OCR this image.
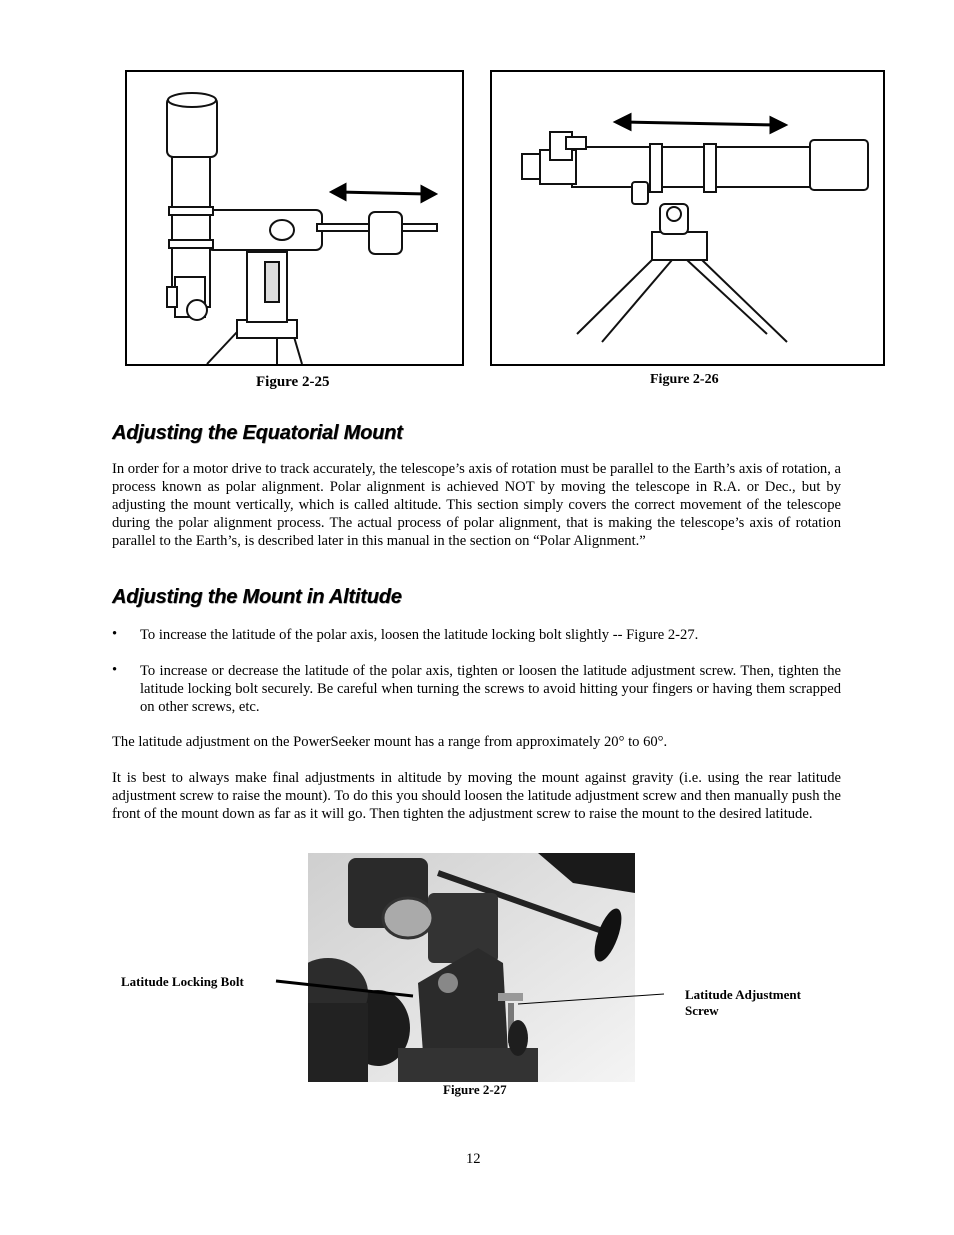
Figure 2-25	Figure 2-26
Adjusting the Equatorial Mount
In order for a motor drive to track accurately, the telescope’s axis of rotation must be parallel to the Earth’s axis of rotation, a process known as polar alignment. Polar alignment is achieved NOT by moving the telescope in R.A. or Dec., but by adjusting the mount vertically, which is called altitude. This section simply covers the correct movement of the telescope during the polar alignment process. The actual process of polar alignment, that is making the telescope’s axis of rotation parallel to the Earth’s, is described later in this manual in the section on “Polar Alignment.”
Adjusting the Mount in Altitude
• To increase the latitude of the polar axis, loosen the latitude locking bolt slightly -- Figure 2-27.
• To increase or decrease the latitude of the polar axis, tighten or loosen the latitude adjustment screw. Then, tighten the latitude locking bolt securely. Be careful when turning the screws to avoid hitting your fingers or having them scrapped on other screws, etc.
The latitude adjustment on the PowerSeeker mount has a range from approximately 20° to 60°.
It is best to always make final adjustments in altitude by moving the mount against gravity (i.e. using the rear latitude adjustment screw to raise the mount). To do this you should loosen the latitude adjustment screw and then manually push the front of the mount down as far as it will go. Then tighten the adjustment screw to raise the mount to the desired latitude.
Latitude Locking Bolt
Latitude Adjustment
Screw
Figure 2-27
12
